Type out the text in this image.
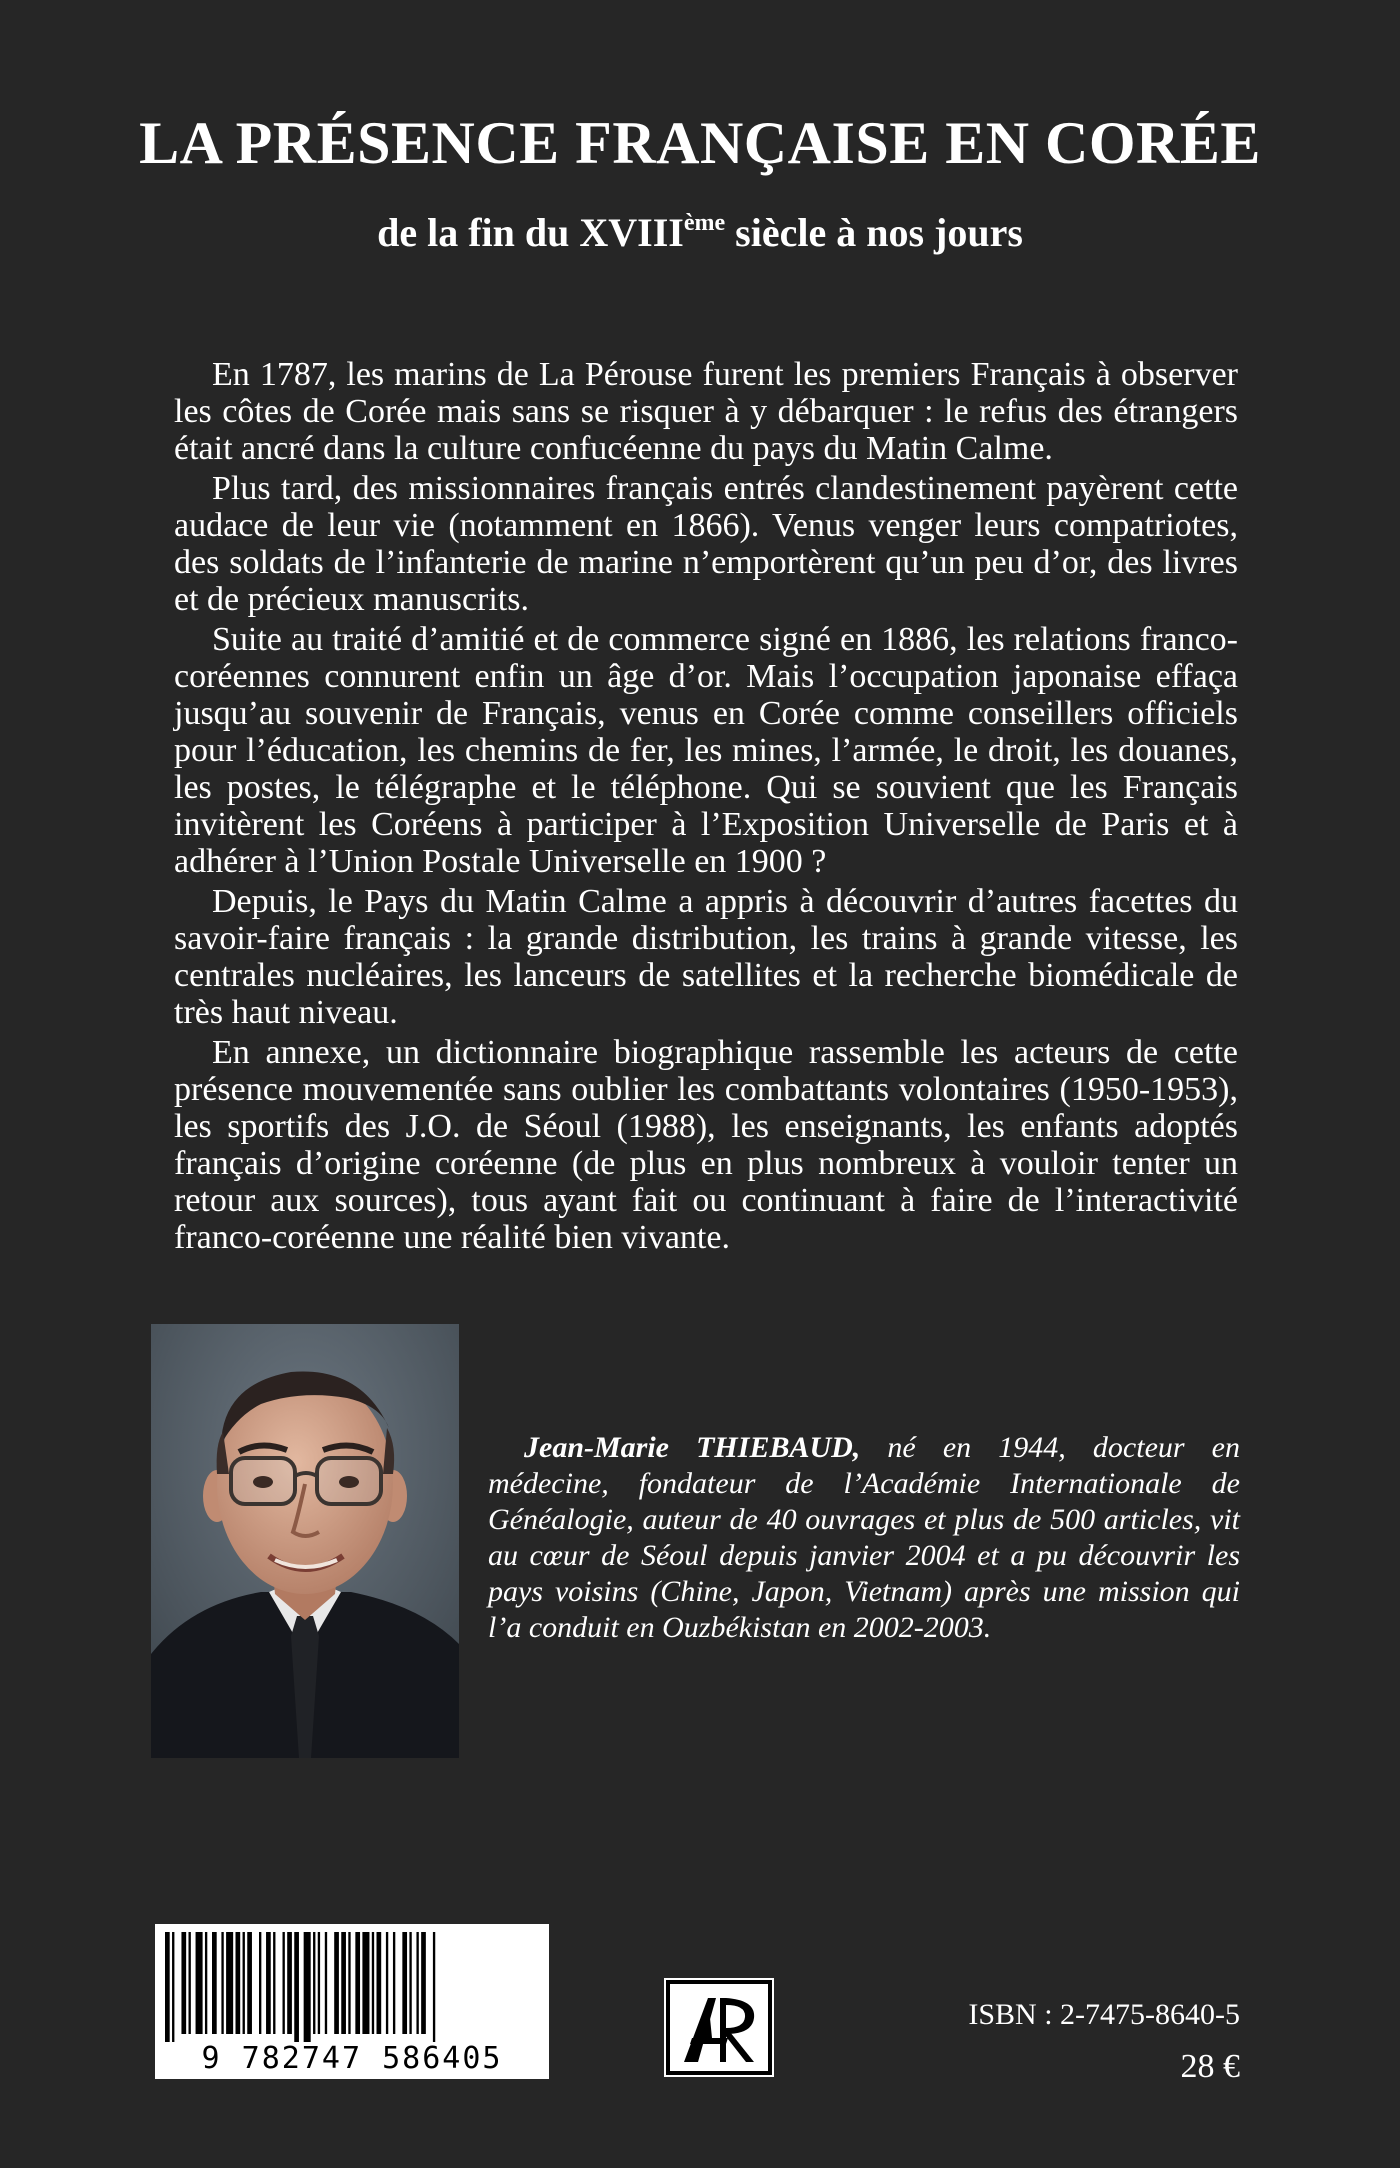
LA PRÉSENCE FRANÇAISE EN CORÉE
de la fin du XVIIIème siècle à nos jours

En 1787, les marins de La Pérouse furent les premiers Français à observer les côtes de Corée mais sans se risquer à y débarquer : le refus des étrangers était ancré dans la culture confucéenne du pays du Matin Calme.

Plus tard, des missionnaires français entrés clandestinement payèrent cette audace de leur vie (notamment en 1866). Venus venger leurs compatriotes, des soldats de l’infanterie de marine n’emportèrent qu’un peu d’or, des livres et de précieux manuscrits.

Suite au traité d’amitié et de commerce signé en 1886, les relations franco-coréennes connurent enfin un âge d’or. Mais l’occupation japonaise effaça jusqu’au souvenir de Français, venus en Corée comme conseillers officiels pour l’éducation, les chemins de fer, les mines, l’armée, le droit, les douanes, les postes, le télégraphe et le téléphone. Qui se souvient que les Français invitèrent les Coréens à participer à l’Exposition Universelle de Paris et à adhérer à l’Union Postale Universelle en 1900 ?

Depuis, le Pays du Matin Calme a appris à découvrir d’autres facettes du savoir-faire français : la grande distribution, les trains à grande vitesse, les centrales nucléaires, les lanceurs de satellites et la recherche biomédicale de très haut niveau.

En annexe, un dictionnaire biographique rassemble les acteurs de cette présence mouvementée sans oublier les combattants volontaires (1950-1953), les sportifs des J.O. de Séoul (1988), les enseignants, les enfants adoptés français d’origine coréenne (de plus en plus nombreux à vouloir tenter un retour aux sources), tous ayant fait ou continuant à faire de l’interactivité franco-coréenne une réalité bien vivante.

Jean-Marie THIEBAUD, né en 1944, docteur en médecine, fondateur de l’Académie Internationale de Généalogie, auteur de 40 ouvrages et plus de 500 articles, vit au cœur de Séoul depuis janvier 2004 et a pu découvrir les pays voisins (Chine, Japon, Vietnam) après une mission qui l’a conduit en Ouzbékistan en 2002-2003.

9 782747 586405

ISBN : 2-7475-8640-5

28 €
